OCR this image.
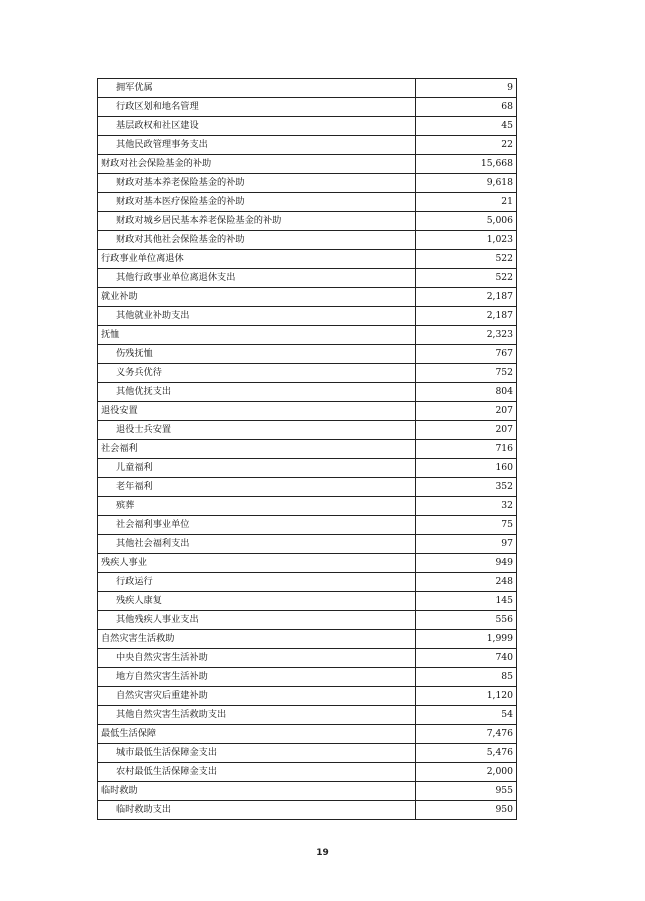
拥军优属	9
行政区划和地名管理	68
基层政权和社区建设	45
其他民政管理事务支出	22
财政对社会保险基金的补助	15,668
财政对基本养老保险基金的补助	9,618
财政对基本医疗保险基金的补助	21
财政对城乡居民基本养老保险基金的补助	5,006
财政对其他社会保险基金的补助	1,023
行政事业单位离退休	522
其他行政事业单位离退休支出	522
就业补助	2,187
其他就业补助支出	2,187
抚恤	2,323
伤残抚恤	767
义务兵优待	752
其他优抚支出	804
退役安置	207
退役士兵安置	207
社会福利	716
儿童福利	160
老年福利	352
殡葬	32
社会福利事业单位	75
其他社会福利支出	97
残疾人事业	949
行政运行	248
残疾人康复	145
其他残疾人事业支出	556
自然灾害生活救助	1,999
中央自然灾害生活补助	740
地方自然灾害生活补助	85
自然灾害灾后重建补助	1,120
其他自然灾害生活救助支出	54
最低生活保障	7,476
城市最低生活保障金支出	5,476
农村最低生活保障金支出	2,000
临时救助	955
临时救助支出	950
19
